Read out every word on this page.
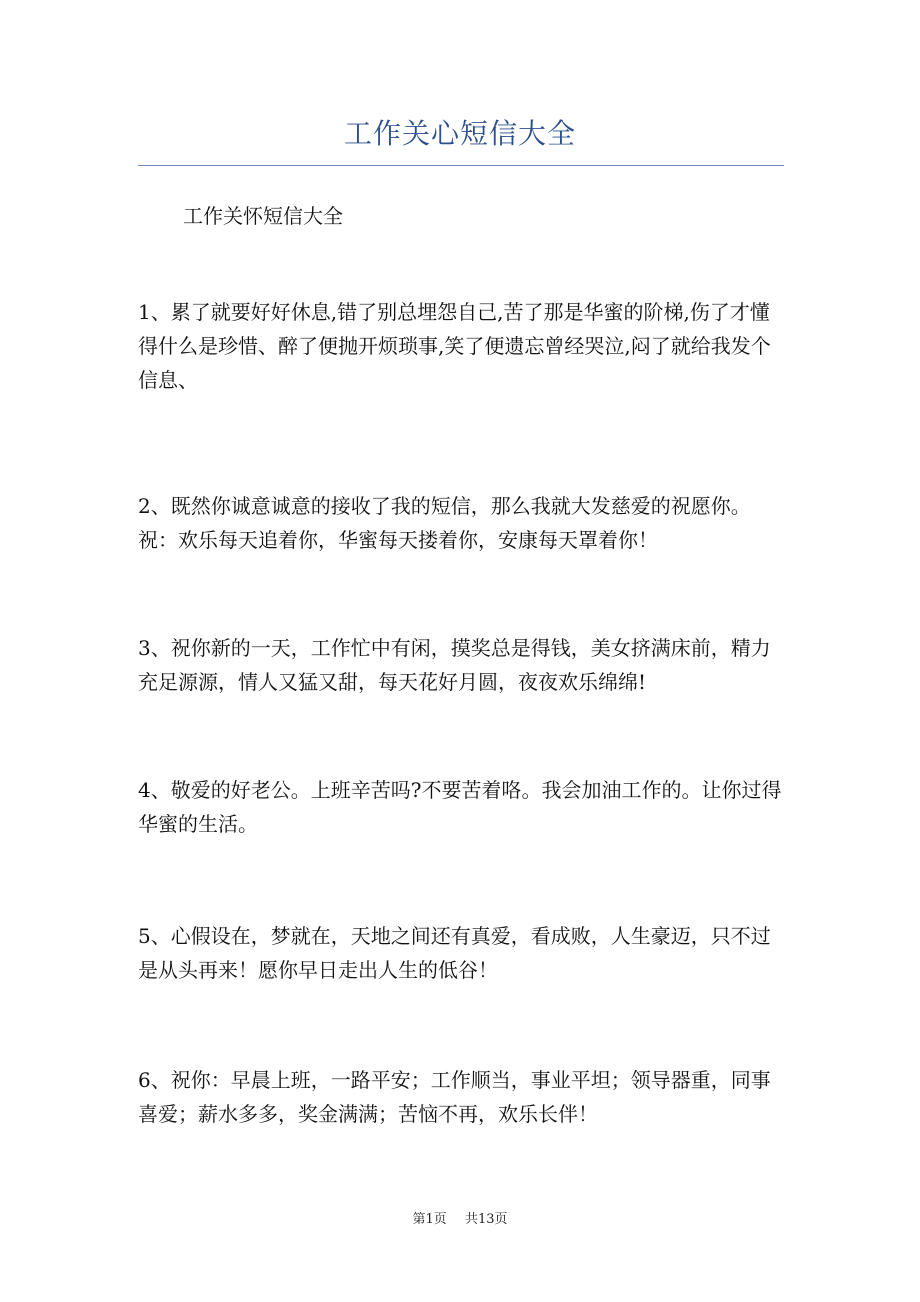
工作关心短信大全
工作关怀短信大全

1、累了就要好好休息,错了别总埋怨自己,苦了那是华蜜的阶梯,伤了才懂得什么是珍惜、醉了便抛开烦琐事,笑了便遗忘曾经哭泣,闷了就给我发个信息、

2、既然你诚意诚意的接收了我的短信，那么我就大发慈爱的祝愿你。祝：欢乐每天追着你，华蜜每天搂着你，安康每天罩着你！

3、祝你新的一天，工作忙中有闲，摸奖总是得钱，美女挤满床前，精力充足源源，情人又猛又甜，每天花好月圆，夜夜欢乐绵绵!

4、敬爱的好老公。上班辛苦吗?不要苦着咯。我会加油工作的。让你过得华蜜的生活。

5、心假设在，梦就在，天地之间还有真爱，看成败，人生豪迈，只不过是从头再来！愿你早日走出人生的低谷！

6、祝你：早晨上班，一路平安；工作顺当，事业平坦；领导器重，同事喜爱；薪水多多，奖金满满；苦恼不再，欢乐长伴！

第1页 共13页
